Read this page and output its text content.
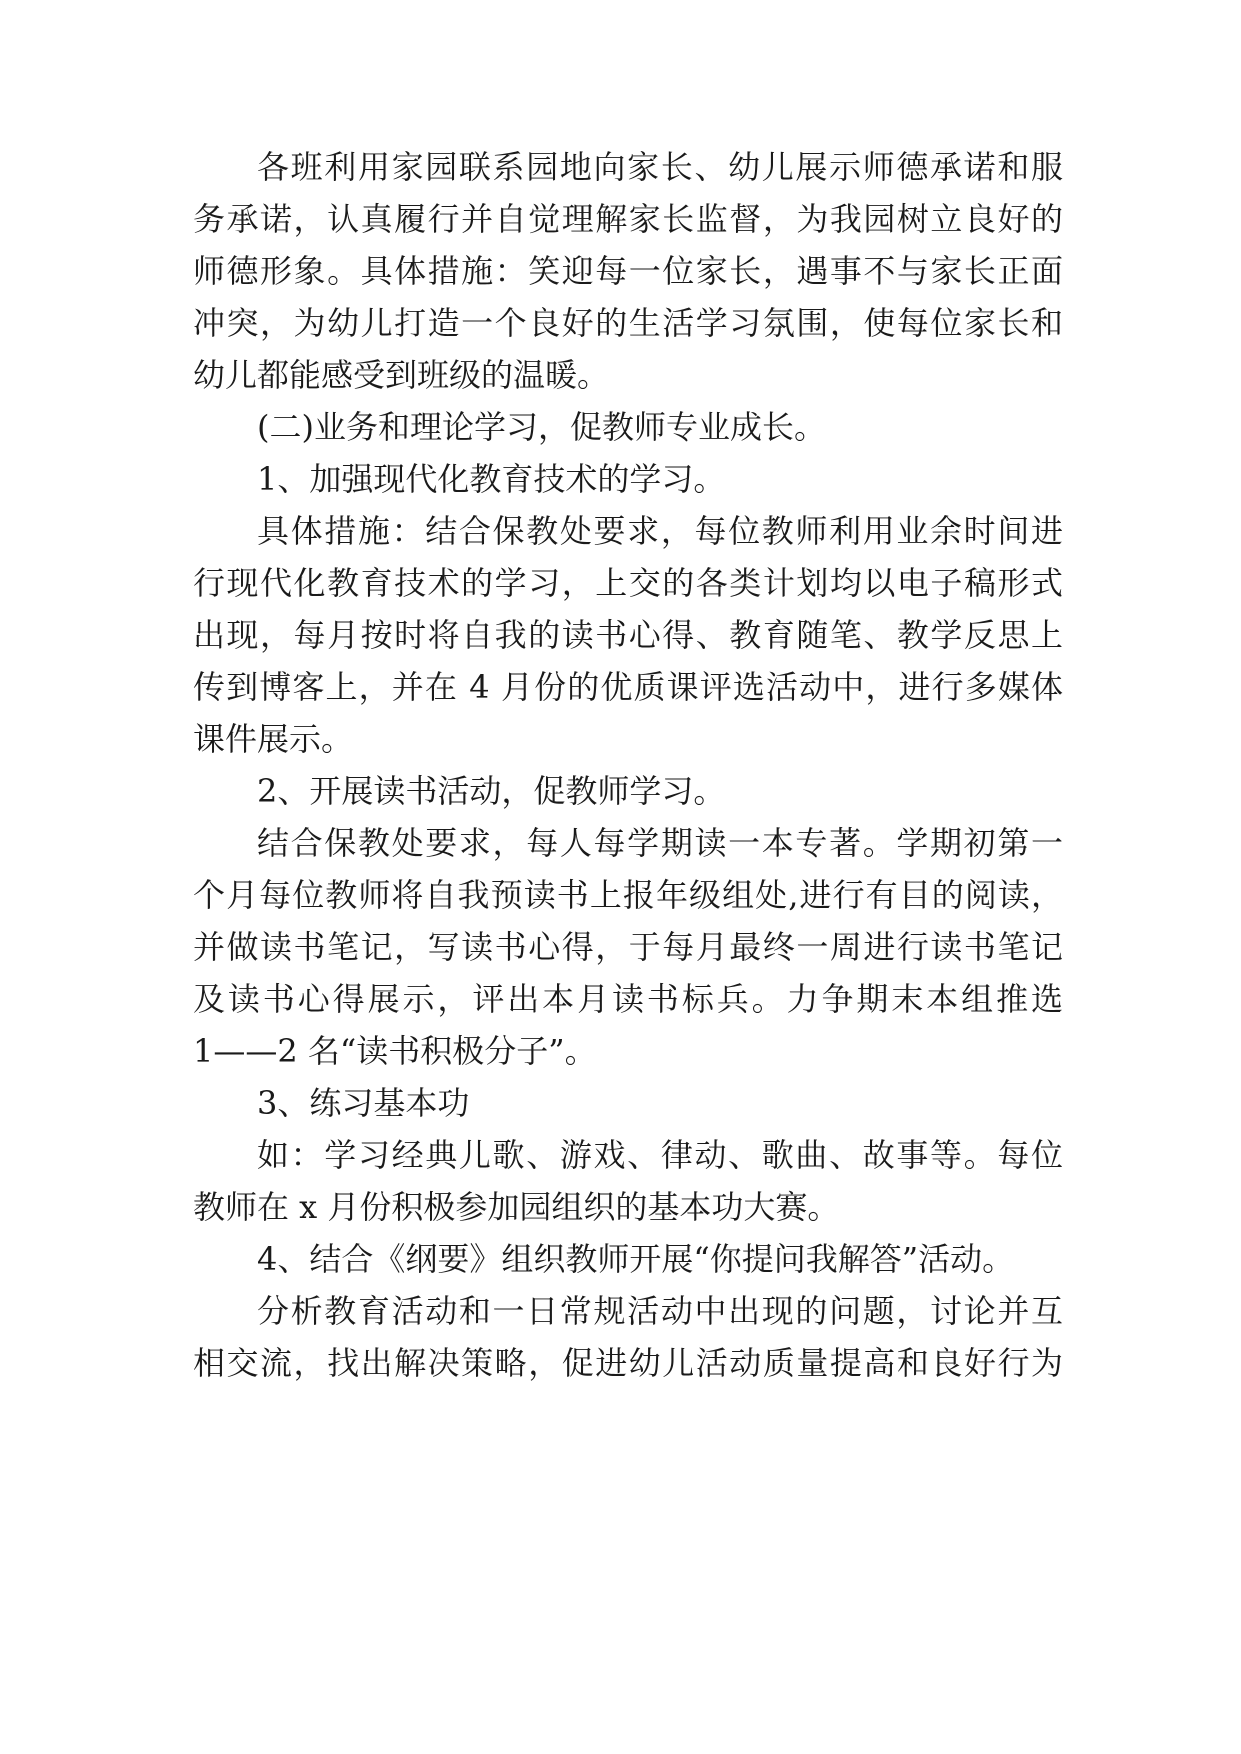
各班利用家园联系园地向家长、幼儿展示师德承诺和服

务承诺，认真履行并自觉理解家长监督，为我园树立良好的

师德形象。具体措施：笑迎每一位家长，遇事不与家长正面

冲突，为幼儿打造一个良好的生活学习氛围，使每位家长和

幼儿都能感受到班级的温暖。

(二)业务和理论学习，促教师专业成长。

1、加强现代化教育技术的学习。

具体措施：结合保教处要求，每位教师利用业余时间进

行现代化教育技术的学习，上交的各类计划均以电子稿形式

出现，每月按时将自我的读书心得、教育随笔、教学反思上

传到博客上，并在 4 月份的优质课评选活动中，进行多媒体

课件展示。

2、开展读书活动，促教师学习。

结合保教处要求，每人每学期读一本专著。学期初第一

个月每位教师将自我预读书上报年级组处,进行有目的阅读，

并做读书笔记，写读书心得，于每月最终一周进行读书笔记

及读书心得展示，评出本月读书标兵。力争期末本组推选

1——2 名“读书积极分子”。

3、练习基本功

如：学习经典儿歌、游戏、律动、歌曲、故事等。每位

教师在 x 月份积极参加园组织的基本功大赛。

4、结合《纲要》组织教师开展“你提问我解答”活动。

分析教育活动和一日常规活动中出现的问题，讨论并互

相交流，找出解决策略，促进幼儿活动质量提高和良好行为
